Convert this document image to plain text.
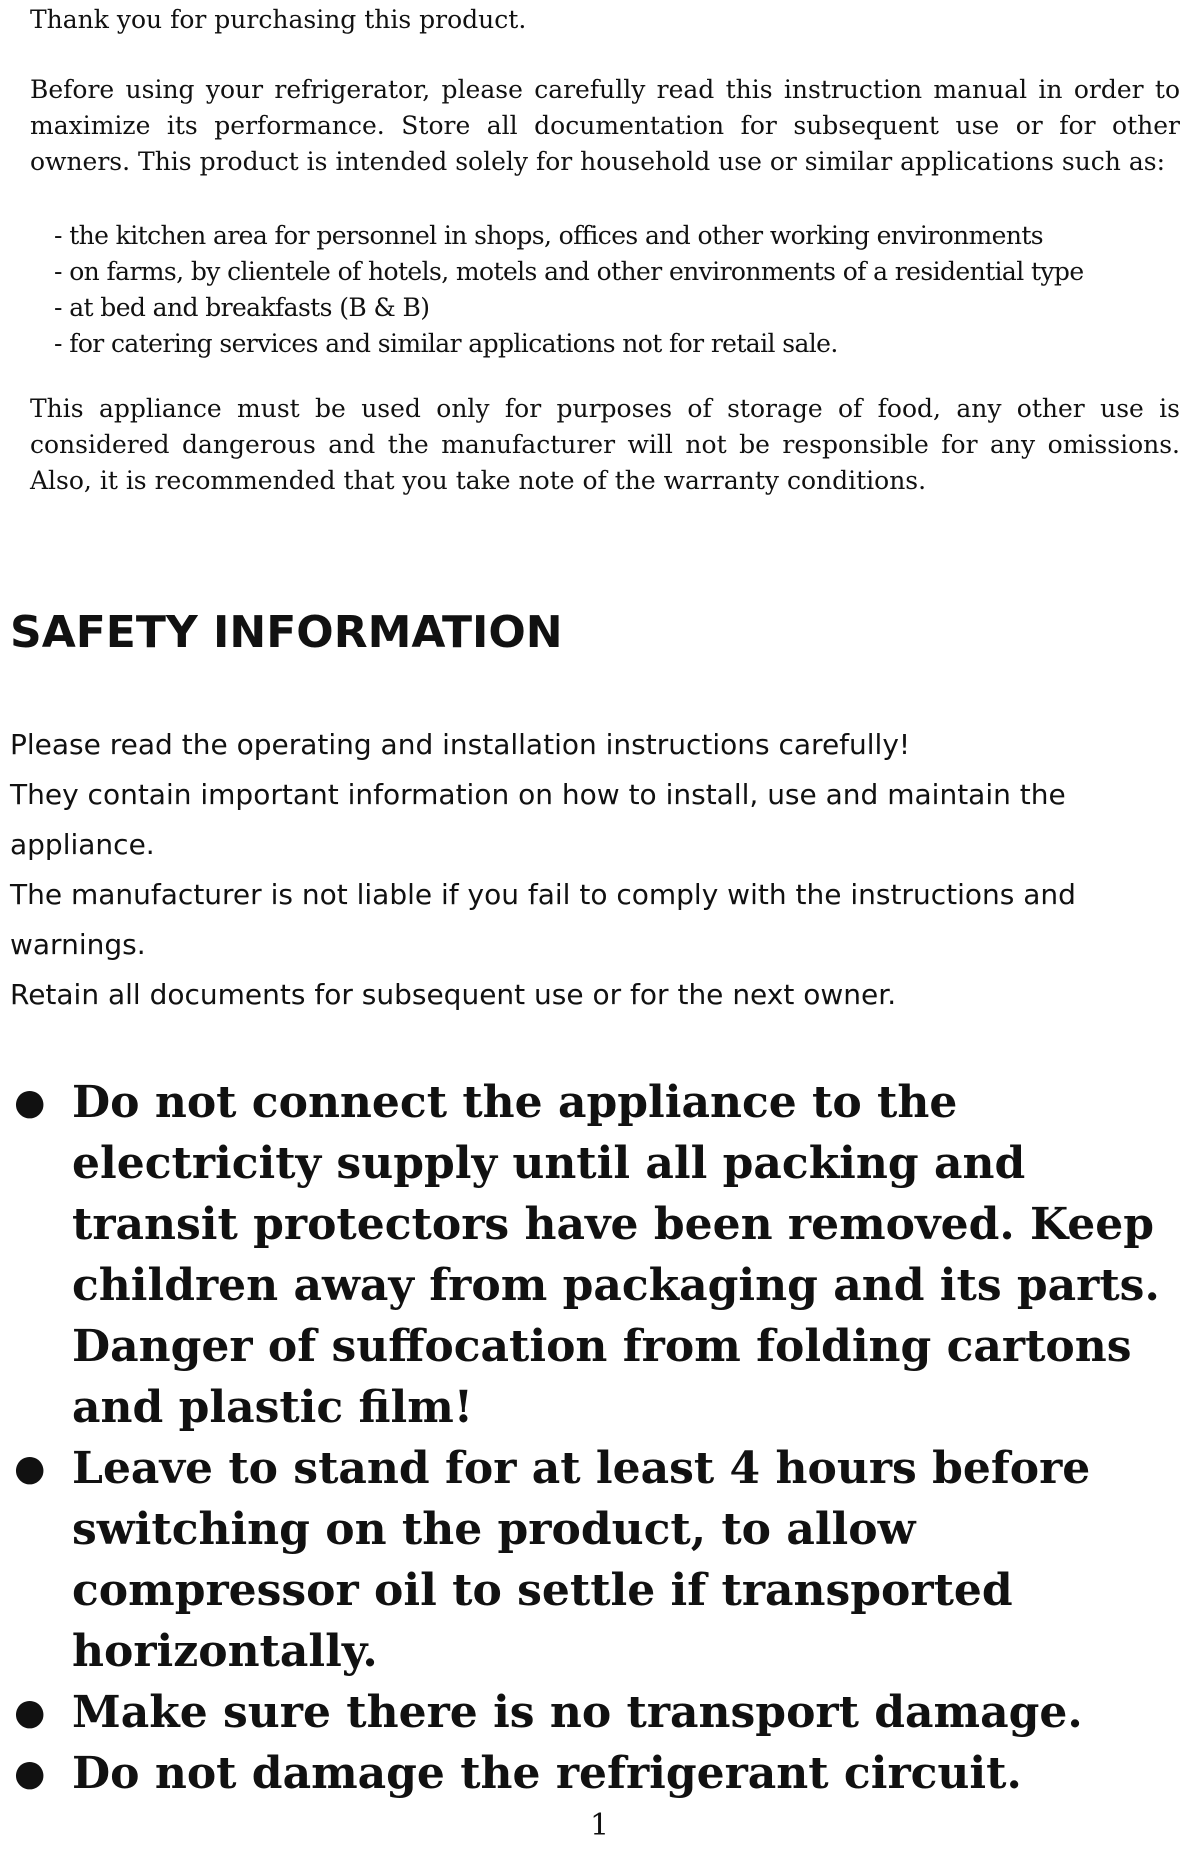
Thank you for purchasing this product.

Before using your refrigerator, please carefully read this instruction manual in order to maximize its performance. Store all documentation for subsequent use or for other owners. This product is intended solely for household use or similar applications such as:

- the kitchen area for personnel in shops, offices and other working environments
- on farms, by clientele of hotels, motels and other environments of a residential type
- at bed and breakfasts (B & B)
- for catering services and similar applications not for retail sale.

This appliance must be used only for purposes of storage of food, any other use is considered dangerous and the manufacturer will not be responsible for any omissions. Also, it is recommended that you take note of the warranty conditions.

SAFETY INFORMATION
Please read the operating and installation instructions carefully!
They contain important information on how to install, use and maintain the appliance.
The manufacturer is not liable if you fail to comply with the instructions and warnings.
Retain all documents for subsequent use or for the next owner.
● Do not connect the appliance to the electricity supply until all packing and transit protectors have been removed. Keep children away from packaging and its parts.
Danger of suffocation from folding cartons and plastic film!
● Leave to stand for at least 4 hours before switching on the product, to allow compressor oil to settle if transported horizontally.
● Make sure there is no transport damage.
● Do not damage the refrigerant circuit.
1
